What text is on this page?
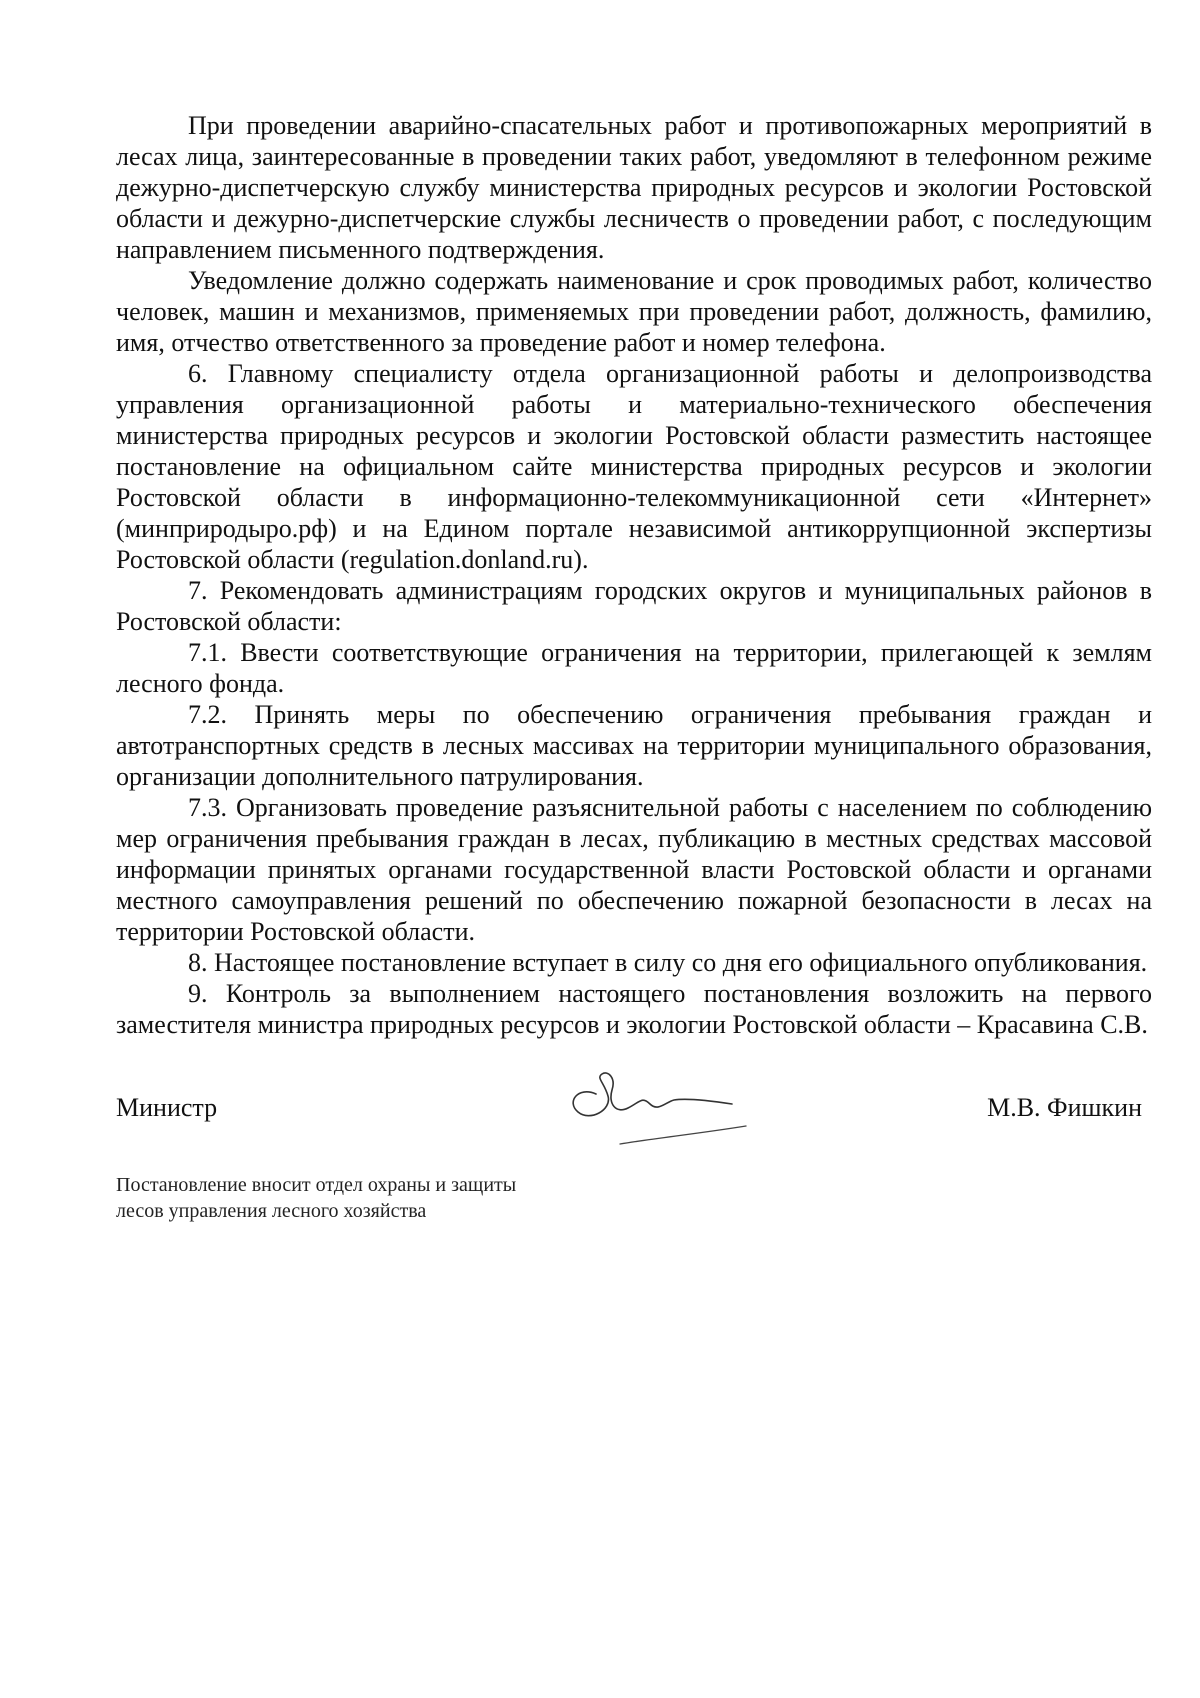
При проведении аварийно-спасательных работ и противопожарных мероприятий в лесах лица, заинтересованные в проведении таких работ, уведомляют в телефонном режиме дежурно-диспетчерскую службу министерства природных ресурсов и экологии Ростовской области и дежурно-диспетчерские службы лесничеств о проведении работ, с последующим направлением письменного подтверждения.

Уведомление должно содержать наименование и срок проводимых работ, количество человек, машин и механизмов, применяемых при проведении работ, должность, фамилию, имя, отчество ответственного за проведение работ и номер телефона.

6. Главному специалисту отдела организационной работы и делопроизводства управления организационной работы и материально-технического обеспечения министерства природных ресурсов и экологии Ростовской области разместить настоящее постановление на официальном сайте министерства природных ресурсов и экологии Ростовской области в информационно-телекоммуникационной сети «Интернет» (минприродыро.рф) и на Едином портале независимой антикоррупционной экспертизы Ростовской области (regulation.donland.ru).

7. Рекомендовать администрациям городских округов и муниципальных районов в Ростовской области:

7.1. Ввести соответствующие ограничения на территории, прилегающей к землям лесного фонда.

7.2. Принять меры по обеспечению ограничения пребывания граждан и автотранспортных средств в лесных массивах на территории муниципального образования, организации дополнительного патрулирования.

7.3. Организовать проведение разъяснительной работы с населением по соблюдению мер ограничения пребывания граждан в лесах, публикацию в местных средствах массовой информации принятых органами государственной власти Ростовской области и органами местного самоуправления решений по обеспечению пожарной безопасности в лесах на территории Ростовской области.

8. Настоящее постановление вступает в силу со дня его официального опубликования.

9. Контроль за выполнением настоящего постановления возложить на первого заместителя министра природных ресурсов и экологии Ростовской области – Красавина С.В.

Министр	М.В. Фишкин
Постановление вносит отдел охраны и защиты
лесов управления лесного хозяйства
